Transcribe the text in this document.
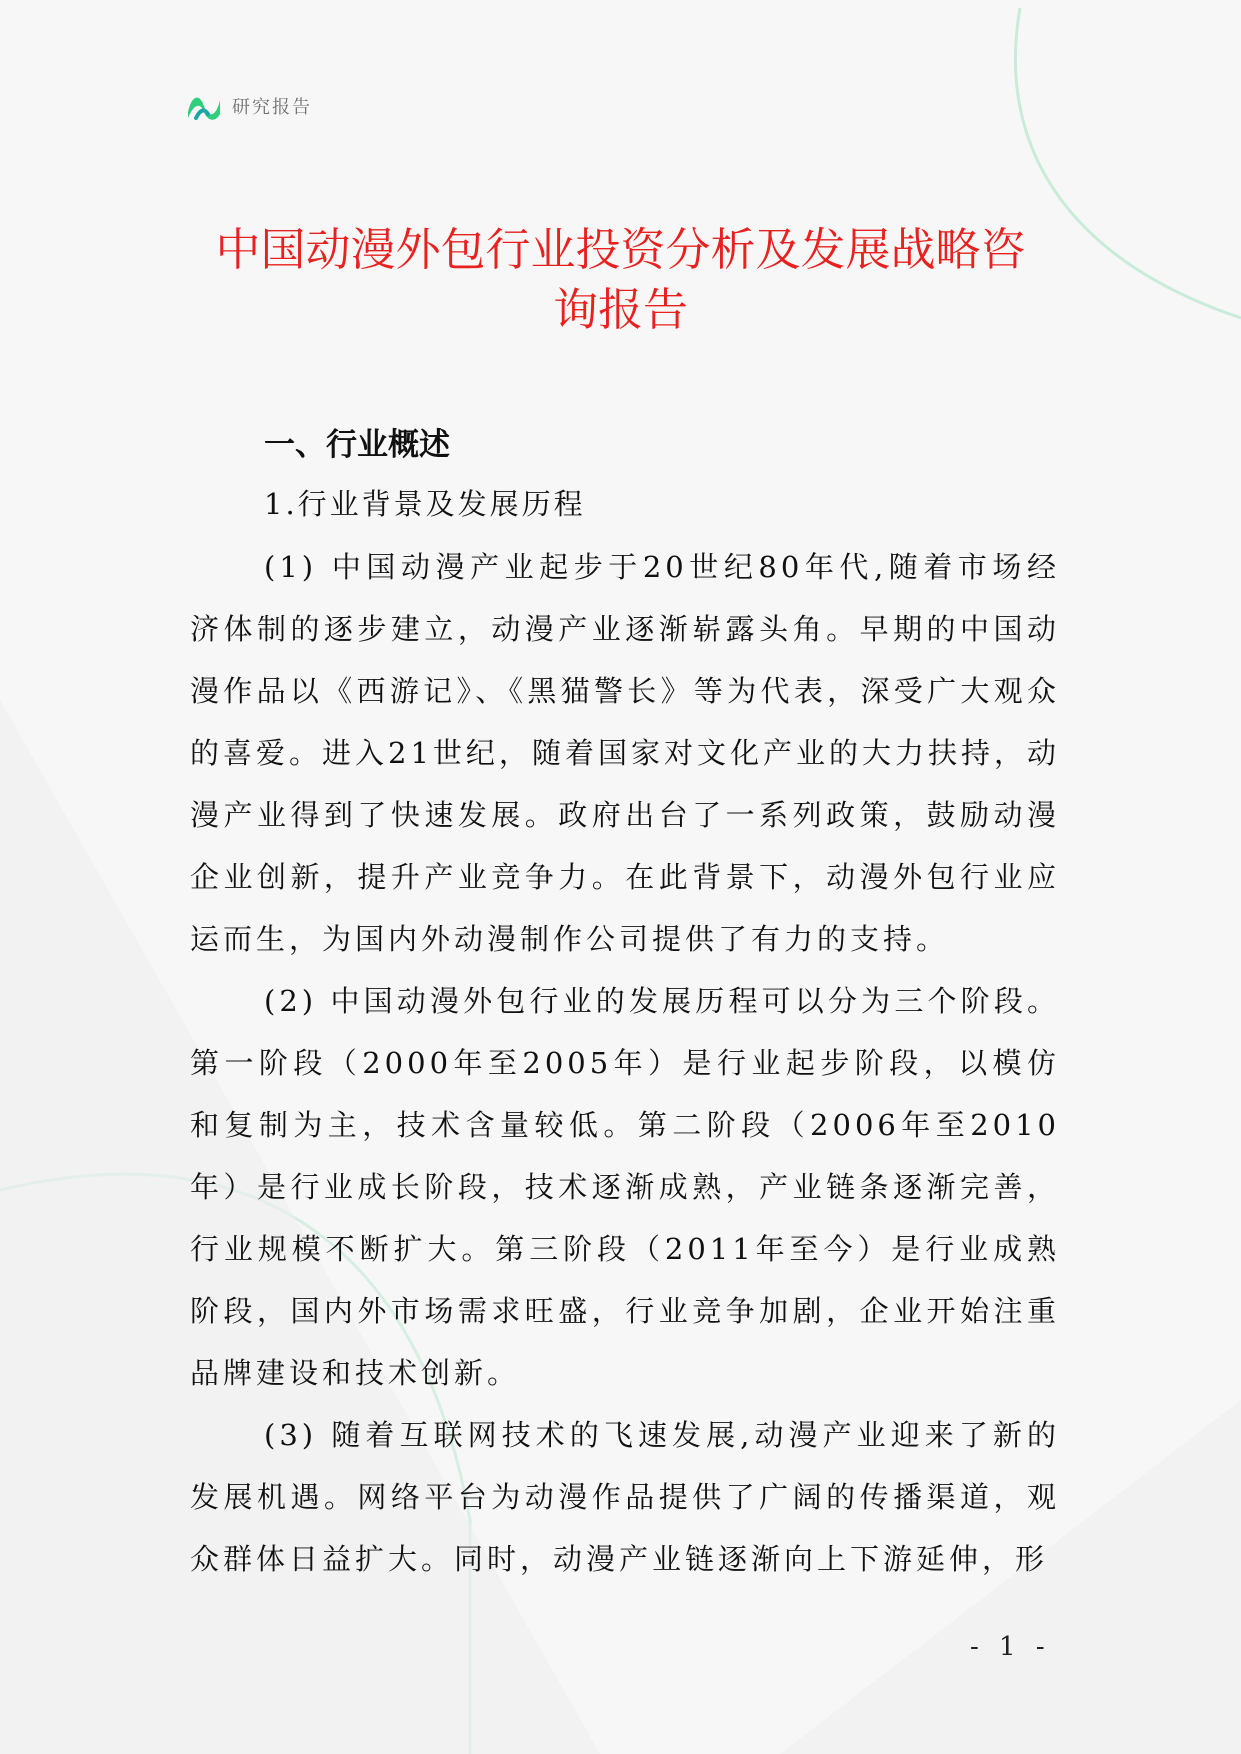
研究报告
中国动漫外包行业投资分析及发展战略咨
询报告
一、行业概述
1.行业背景及发展历程

(1) 中国动漫产业起步于20世纪80年代,随着市场经济体制的逐步建立，动漫产业逐渐崭露头角。早期的中国动漫作品以《西游记》、《黑猫警长》等为代表，深受广大观众的喜爱。进入21世纪，随着国家对文化产业的大力扶持，动漫产业得到了快速发展。政府出台了一系列政策，鼓励动漫企业创新，提升产业竞争力。在此背景下，动漫外包行业应运而生，为国内外动漫制作公司提供了有力的支持。

(2) 中国动漫外包行业的发展历程可以分为三个阶段。第一阶段（2000年至2005年）是行业起步阶段，以模仿和复制为主，技术含量较低。第二阶段（2006年至2010年）是行业成长阶段，技术逐渐成熟，产业链条逐渐完善，行业规模不断扩大。第三阶段（2011年至今）是行业成熟阶段，国内外市场需求旺盛，行业竞争加剧，企业开始注重品牌建设和技术创新。

(3) 随着互联网技术的飞速发展,动漫产业迎来了新的发展机遇。网络平台为动漫作品提供了广阔的传播渠道，观众群体日益扩大。同时，动漫产业链逐渐向上下游延伸，形

- 1 -
